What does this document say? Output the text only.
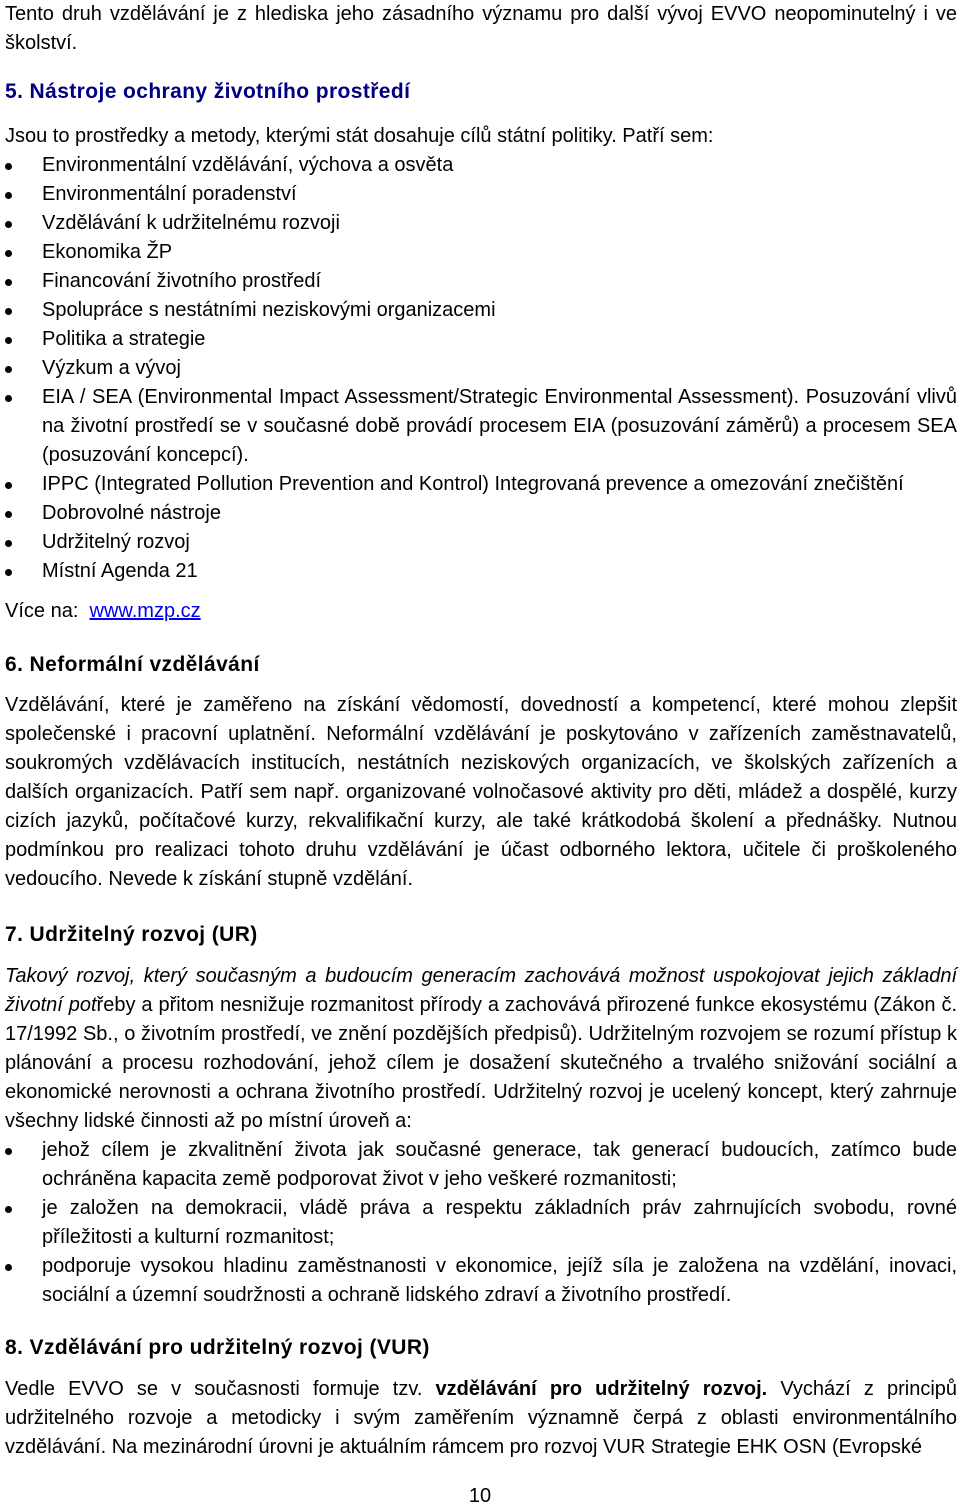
Tento druh vzdělávání je z hlediska jeho zásadního významu pro další vývoj EVVO neopominutelný i ve školství.

5. Nástroje ochrany životního prostředí

Jsou to prostředky a metody, kterými stát dosahuje cílů státní politiky. Patří sem:

Environmentální vzdělávání, výchova a osvěta
Environmentální poradenství
Vzdělávání k udržitelnému rozvoji
Ekonomika ŽP
Financování životního prostředí
Spolupráce s nestátními neziskovými organizacemi
Politika a strategie
Výzkum a vývoj
EIA / SEA (Environmental Impact Assessment/Strategic Environmental Assessment). Posuzování vlivů na životní prostředí se v současné době provádí procesem EIA (posuzování záměrů) a procesem SEA (posuzování koncepcí).
IPPC (Integrated Pollution Prevention and Kontrol) Integrovaná prevence a omezování znečištění
Dobrovolné nástroje
Udržitelný rozvoj
Místní Agenda 21

Více na: www.mzp.cz

6. Neformální vzdělávání

Vzdělávání, které je zaměřeno na získání vědomostí, dovedností a kompetencí, které mohou zlepšit společenské i pracovní uplatnění. Neformální vzdělávání je poskytováno v zařízeních zaměstnavatelů, soukromých vzdělávacích institucích, nestátních neziskových organizacích, ve školských zařízeních a dalších organizacích. Patří sem např. organizované volnočasové aktivity pro děti, mládež a dospělé, kurzy cizích jazyků, počítačové kurzy, rekvalifikační kurzy, ale také krátkodobá školení a přednášky. Nutnou podmínkou pro realizaci tohoto druhu vzdělávání je účast odborného lektora, učitele či proškoleného vedoucího. Nevede k získání stupně vzdělání.

7. Udržitelný rozvoj (UR)

Takový rozvoj, který současným a budoucím generacím zachovává možnost uspokojovat jejich základní životní potřeby a přitom nesnižuje rozmanitost přírody a zachovává přirozené funkce ekosystému (Zákon č. 17/1992 Sb., o životním prostředí, ve znění pozdějších předpisů). Udržitelným rozvojem se rozumí přístup k plánování a procesu rozhodování, jehož cílem je dosažení skutečného a trvalého snižování sociální a ekonomické nerovnosti a ochrana životního prostředí. Udržitelný rozvoj je ucelený koncept, který zahrnuje všechny lidské činnosti až po místní úroveň a:

jehož cílem je zkvalitnění života jak současné generace, tak generací budoucích, zatímco bude ochráněna kapacita země podporovat život v jeho veškeré rozmanitosti;
je založen na demokracii, vládě práva a respektu základních práv zahrnujících svobodu, rovné příležitosti a kulturní rozmanitost;
podporuje vysokou hladinu zaměstnanosti v ekonomice, jejíž síla je založena na vzdělání, inovaci, sociální a územní soudržnosti a ochraně lidského zdraví a životního prostředí.
8. Vzdělávání pro udržitelný rozvoj (VUR)

Vedle EVVO se v současnosti formuje tzv. vzdělávání pro udržitelný rozvoj. Vychází z principů udržitelného rozvoje a metodicky i svým zaměřením významně čerpá z oblasti environmentálního vzdělávání. Na mezinárodní úrovni je aktuálním rámcem pro rozvoj VUR Strategie EHK OSN (Evropské

10
